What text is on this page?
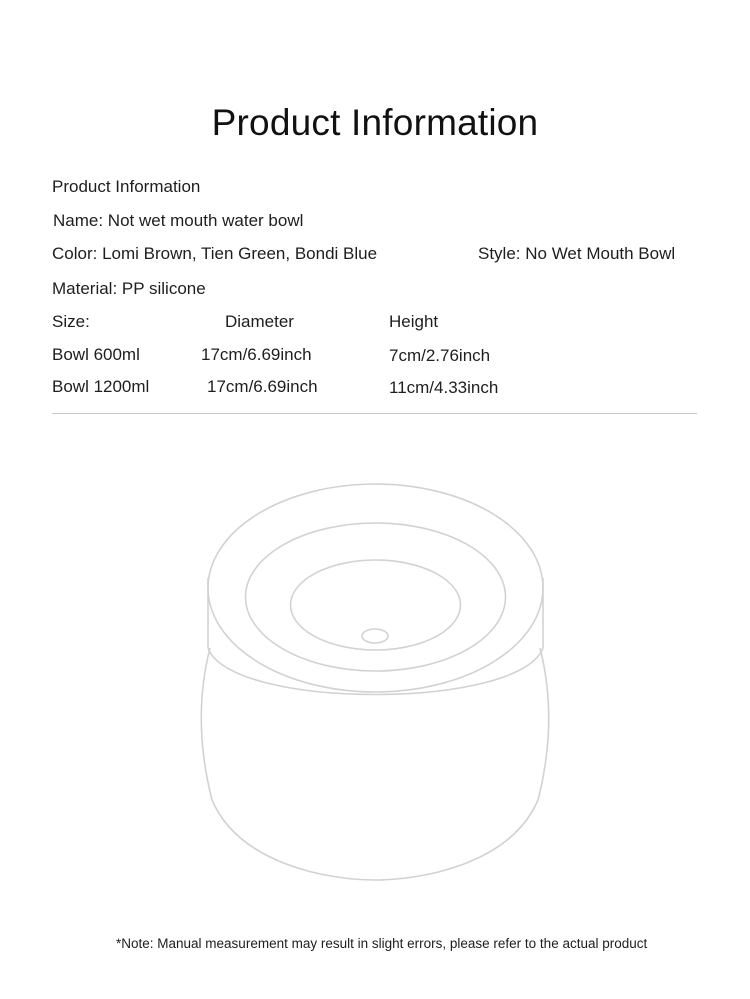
Product Information
Product Information
Name: Not wet mouth water bowl
Color: Lomi Brown, Tien Green, Bondi Blue	Style: No Wet Mouth Bowl
Material: PP silicone
Size:	Diameter	Height
Bowl 600ml	17cm/6.69inch	7cm/2.76inch
Bowl 1200ml	17cm/6.69inch	11cm/4.33inch
*Note: Manual measurement may result in slight errors, please refer to the actual product
